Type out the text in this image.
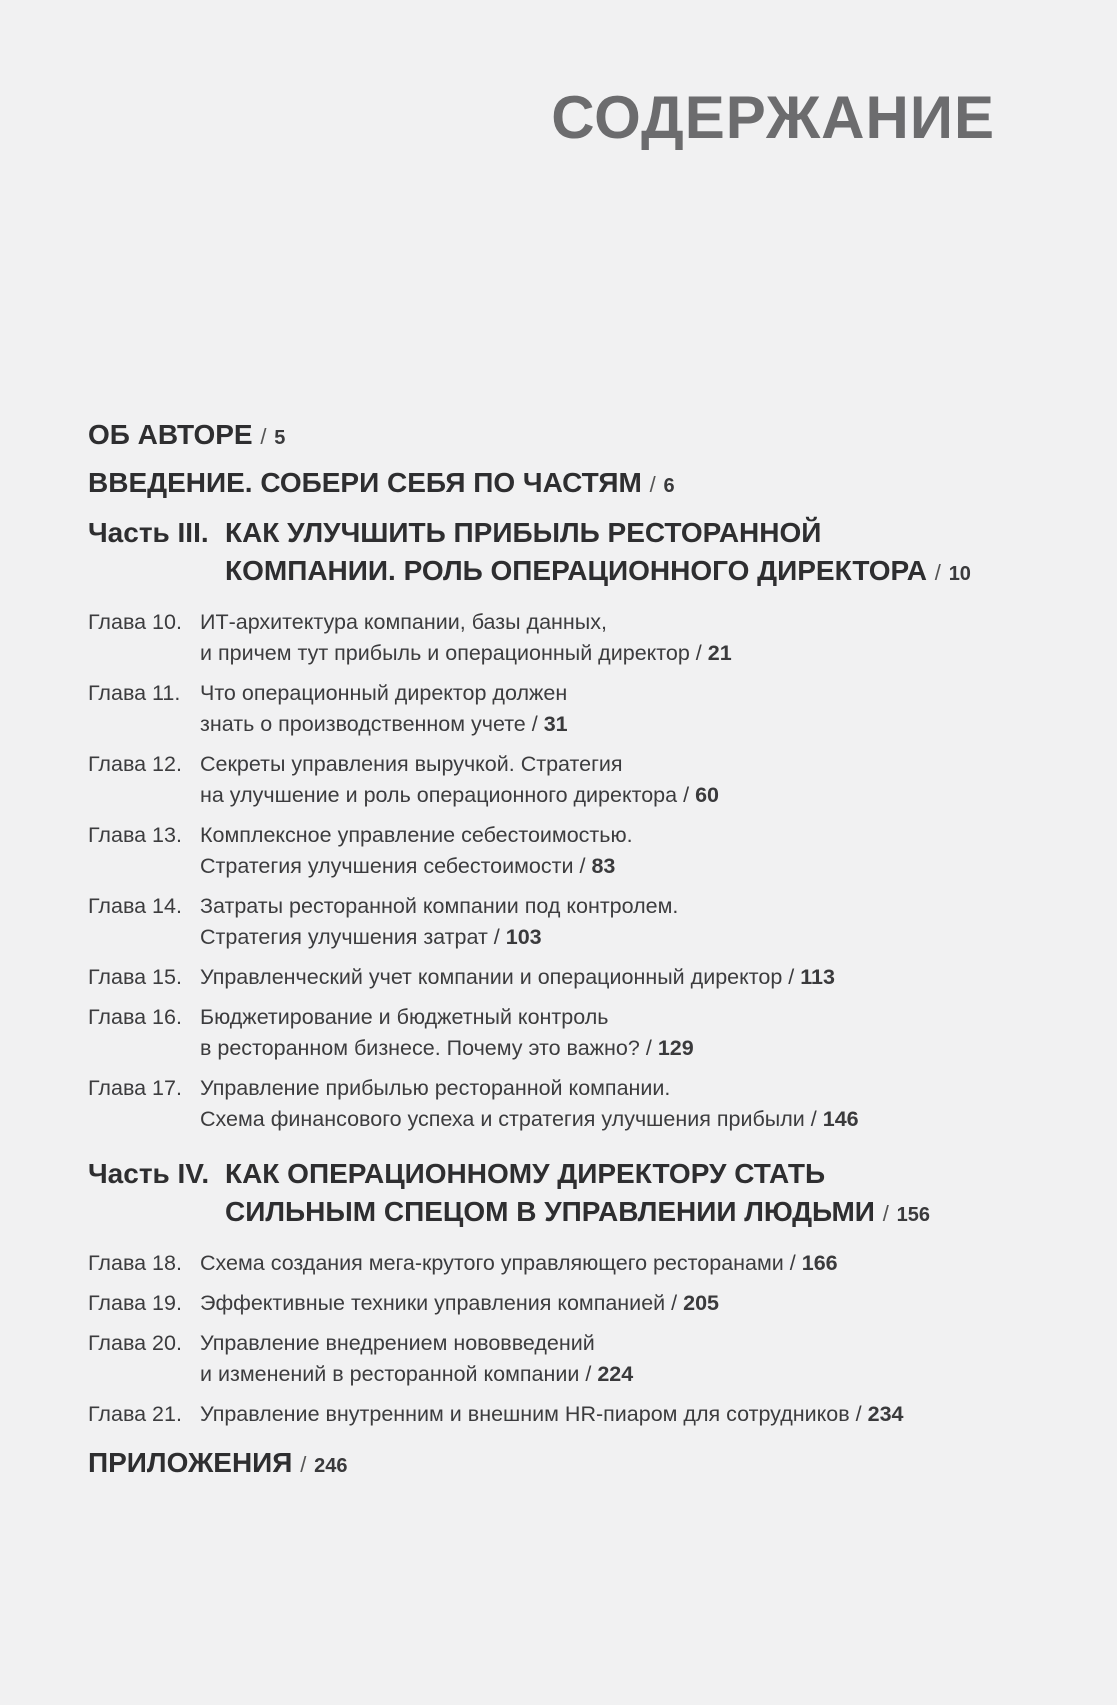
СОДЕРЖАНИЕ
ОБ АВТОРЕ / 5
ВВЕДЕНИЕ. СОБЕРИ СЕБЯ ПО ЧАСТЯМ / 6
Часть III. КАК УЛУЧШИТЬ ПРИБЫЛЬ РЕСТОРАННОЙ
КОМПАНИИ. РОЛЬ ОПЕРАЦИОННОГО ДИРЕКТОРА / 10
Глава 10. ИТ-архитектура компании, базы данных,
и причем тут прибыль и операционный директор / 21
Глава 11. Что операционный директор должен
знать о производственном учете / 31
Глава 12. Секреты управления выручкой. Стратегия
на улучшение и роль операционного директора / 60
Глава 13. Комплексное управление себестоимостью.
Стратегия улучшения себестоимости / 83
Глава 14. Затраты ресторанной компании под контролем.
Стратегия улучшения затрат / 103
Глава 15. Управленческий учет компании и операционный директор / 113
Глава 16. Бюджетирование и бюджетный контроль
в ресторанном бизнесе. Почему это важно? / 129
Глава 17. Управление прибылью ресторанной компании.
Схема финансового успеха и стратегия улучшения прибыли / 146
Часть IV. КАК ОПЕРАЦИОННОМУ ДИРЕКТОРУ СТАТЬ
СИЛЬНЫМ СПЕЦОМ В УПРАВЛЕНИИ ЛЮДЬМИ / 156
Глава 18. Схема создания мега-крутого управляющего ресторанами / 166
Глава 19. Эффективные техники управления компанией / 205
Глава 20. Управление внедрением нововведений
и изменений в ресторанной компании / 224
Глава 21. Управление внутренним и внешним HR-пиаром для сотрудников / 234
ПРИЛОЖЕНИЯ / 246
